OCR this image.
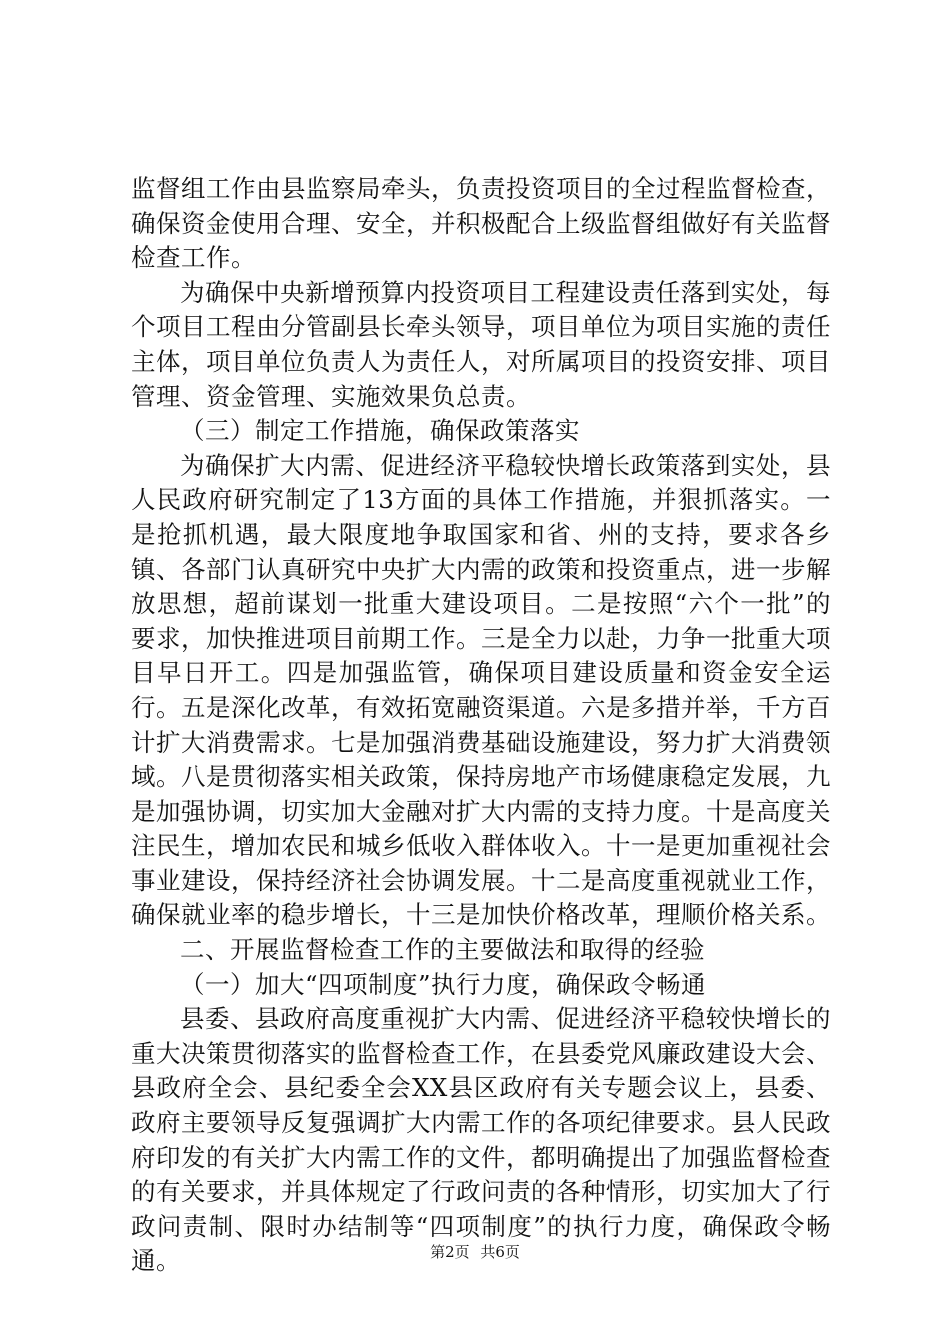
监督组工作由县监察局牵头，负责投资项目的全过程监督检查，确保资金使用合理、安全，并积极配合上级监督组做好有关监督检查工作。

为确保中央新增预算内投资项目工程建设责任落到实处，每个项目工程由分管副县长牵头领导，项目单位为项目实施的责任主体，项目单位负责人为责任人，对所属项目的投资安排、项目管理、资金管理、实施效果负总责。

（三）制定工作措施，确保政策落实

为确保扩大内需、促进经济平稳较快增长政策落到实处，县人民政府研究制定了13方面的具体工作措施，并狠抓落实。一是抢抓机遇，最大限度地争取国家和省、州的支持，要求各乡镇、各部门认真研究中央扩大内需的政策和投资重点，进一步解放思想，超前谋划一批重大建设项目。二是按照“六个一批”的要求，加快推进项目前期工作。三是全力以赴，力争一批重大项目早日开工。四是加强监管，确保项目建设质量和资金安全运行。五是深化改革，有效拓宽融资渠道。六是多措并举，千方百计扩大消费需求。七是加强消费基础设施建设，努力扩大消费领域。八是贯彻落实相关政策，保持房地产市场健康稳定发展，九是加强协调，切实加大金融对扩大内需的支持力度。十是高度关注民生，增加农民和城乡低收入群体收入。十一是更加重视社会事业建设，保持经济社会协调发展。十二是高度重视就业工作，确保就业率的稳步增长，十三是加快价格改革，理顺价格关系。

二、开展监督检查工作的主要做法和取得的经验

（一）加大“四项制度”执行力度，确保政令畅通

县委、县政府高度重视扩大内需、促进经济平稳较快增长的重大决策贯彻落实的监督检查工作，在县委党风廉政建设大会、县政府全会、县纪委全会XX县区政府有关专题会议上，县委、政府主要领导反复强调扩大内需工作的各项纪律要求。县人民政府印发的有关扩大内需工作的文件，都明确提出了加强监督检查的有关要求，并具体规定了行政问责的各种情形，切实加大了行政问责制、限时办结制等“四项制度”的执行力度，确保政令畅通。	第2页 共6页
